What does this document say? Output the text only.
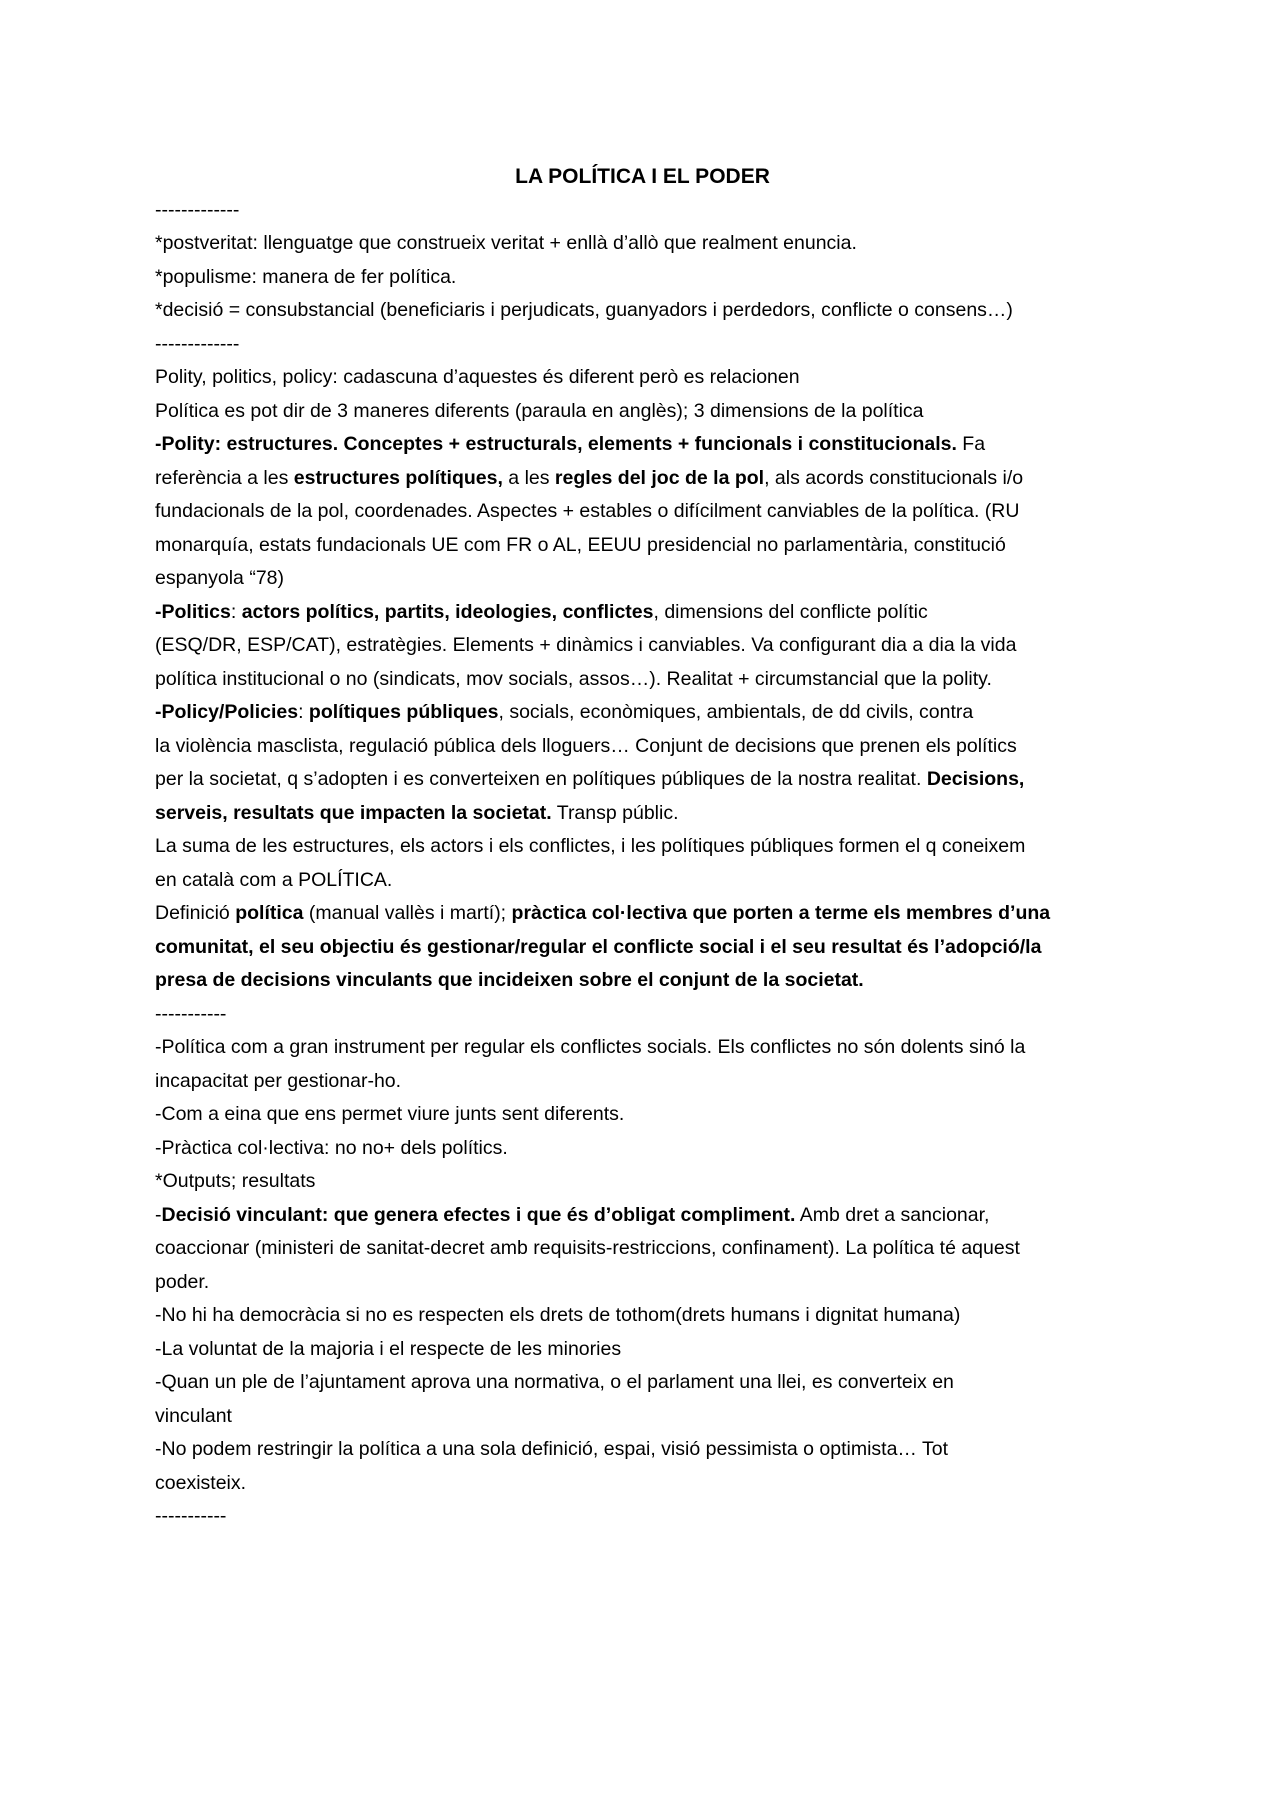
LA POLÍTICA I EL PODER
-------------
*postveritat: llenguatge que construeix veritat + enllà d’allò que realment enuncia.
*populisme: manera de fer política.
*decisió = consubstancial (beneficiaris i perjudicats, guanyadors i perdedors, conflicte o consens…)
-------------
Polity, politics, policy: cadascuna d’aquestes és diferent però es relacionen
Política es pot dir de 3 maneres diferents (paraula en anglès); 3 dimensions de la política
-Polity: estructures. Conceptes + estructurals, elements + funcionals i constitucionals. Fa
referència a les estructures polítiques, a les regles del joc de la pol, als acords constitucionals i/o
fundacionals de la pol, coordenades. Aspectes + estables o difícilment canviables de la política. (RU
monarquía, estats fundacionals UE com FR o AL, EEUU presidencial no parlamentària, constitució
espanyola “78)
-Politics: actors polítics, partits, ideologies, conflictes, dimensions del conflicte polític
(ESQ/DR, ESP/CAT), estratègies. Elements + dinàmics i canviables. Va configurant dia a dia la vida
política institucional o no (sindicats, mov socials, assos…). Realitat + circumstancial que la polity.
-Policy/Policies: polítiques públiques, socials, econòmiques, ambientals, de dd civils, contra
la violència masclista, regulació pública dels lloguers… Conjunt de decisions que prenen els polítics
per la societat, q s’adopten i es converteixen en polítiques públiques de la nostra realitat. Decisions,
serveis, resultats que impacten la societat. Transp públic.
La suma de les estructures, els actors i els conflictes, i les polítiques públiques formen el q coneixem
en català com a POLÍTICA.
Definició política (manual vallès i martí); pràctica col·lectiva que porten a terme els membres d’una
comunitat, el seu objectiu és gestionar/regular el conflicte social i el seu resultat és l’adopció/la
presa de decisions vinculants que incideixen sobre el conjunt de la societat.
-----------
-Política com a gran instrument per regular els conflictes socials. Els conflictes no són dolents sinó la
incapacitat per gestionar-ho.
-Com a eina que ens permet viure junts sent diferents.
-Pràctica col·lectiva: no no+ dels polítics.
*Outputs; resultats
-Decisió vinculant: que genera efectes i que és d’obligat compliment. Amb dret a sancionar,
coaccionar (ministeri de sanitat-decret amb requisits-restriccions, confinament). La política té aquest
poder.
-No hi ha democràcia si no es respecten els drets de tothom(drets humans i dignitat humana)
-La voluntat de la majoria i el respecte de les minories
-Quan un ple de l’ajuntament aprova una normativa, o el parlament una llei, es converteix en
vinculant
-No podem restringir la política a una sola definició, espai, visió pessimista o optimista… Tot
coexisteix.
-----------
